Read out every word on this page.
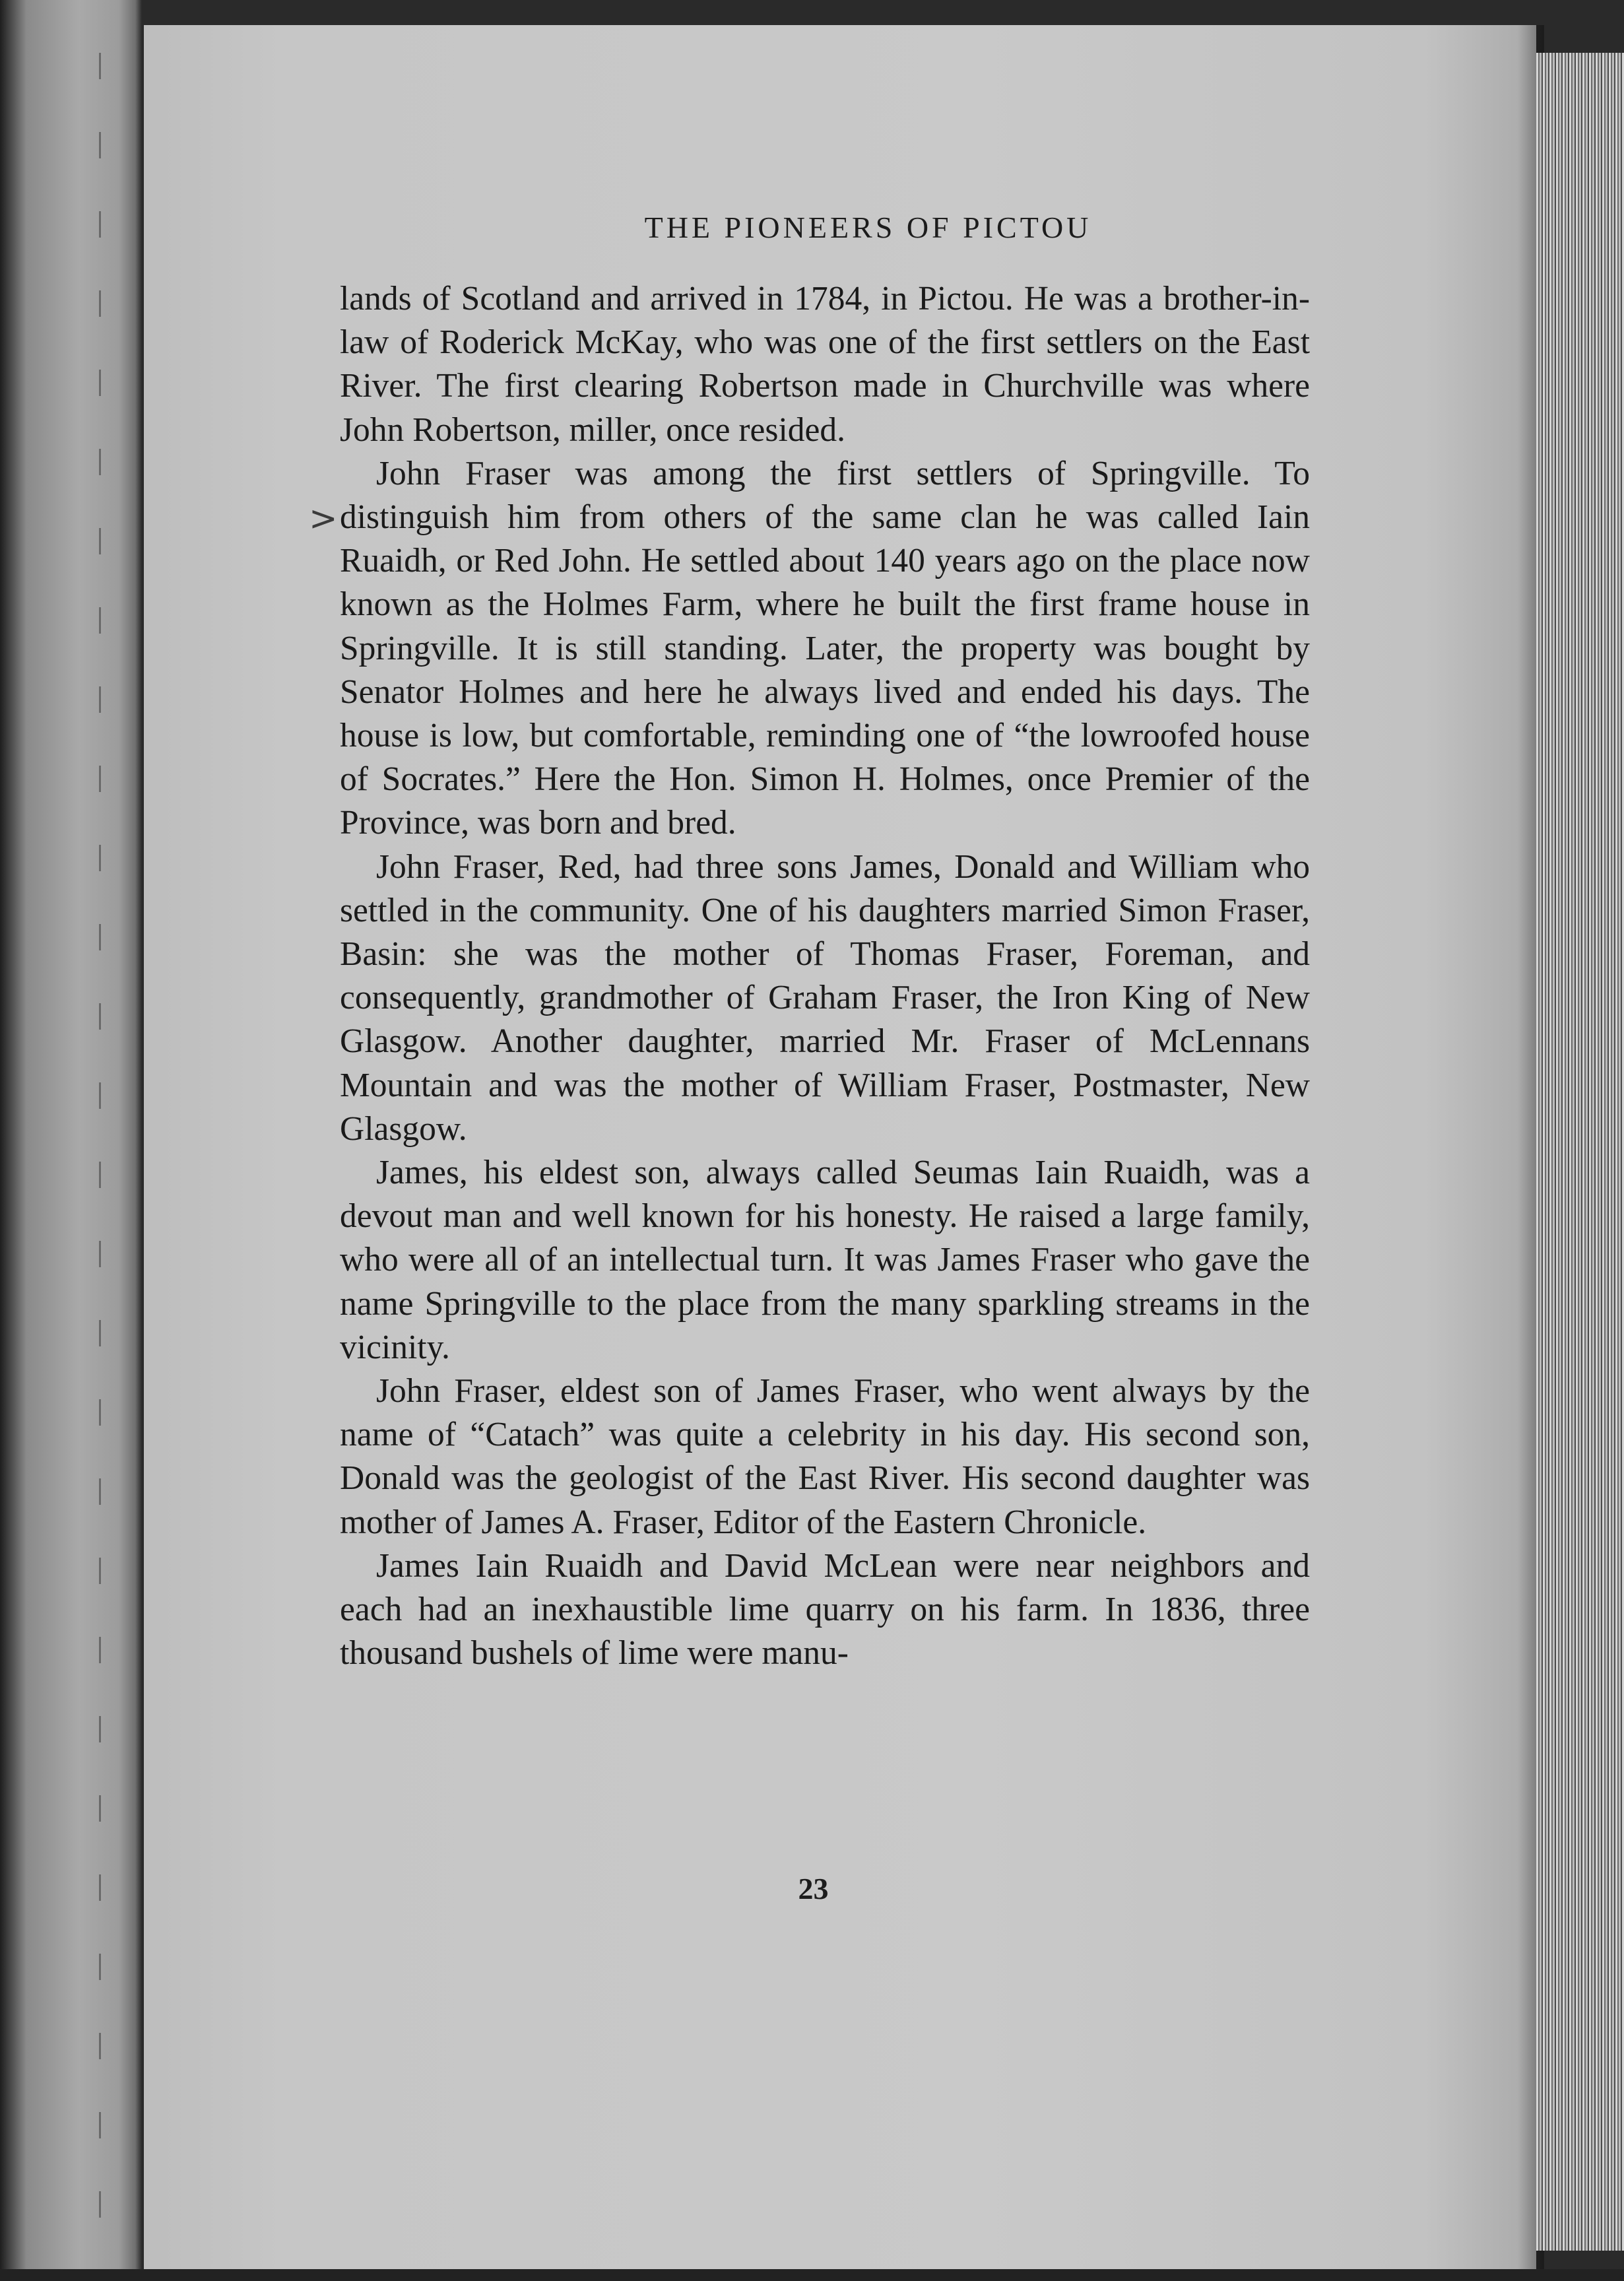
THE PIONEERS OF PICTOU
>

lands of Scotland and arrived in 1784, in Pictou. He was a brother-in-law of Roderick McKay, who was one of the first settlers on the East River. The first clearing Robertson made in Churchville was where John Robertson, miller, once resided.

John Fraser was among the first settlers of Springville. To distinguish him from others of the same clan he was called Iain Ruaidh, or Red John. He settled about 140 years ago on the place now known as the Holmes Farm, where he built the first frame house in Springville. It is still standing. Later, the property was bought by Senator Holmes and here he always lived and ended his days. The house is low, but comfortable, reminding one of “the lowroofed house of Socrates.” Here the Hon. Simon H. Holmes, once Premier of the Province, was born and bred.

John Fraser, Red, had three sons James, Donald and William who settled in the community. One of his daughters married Simon Fraser, Basin: she was the mother of Thomas Fraser, Foreman, and consequently, grandmother of Graham Fraser, the Iron King of New Glasgow. Another daughter, married Mr. Fraser of McLennans Mountain and was the mother of William Fraser, Postmaster, New Glasgow.

James, his eldest son, always called Seumas Iain Ruaidh, was a devout man and well known for his honesty. He raised a large family, who were all of an intellectual turn. It was James Fraser who gave the name Springville to the place from the many sparkling streams in the vicinity.

John Fraser, eldest son of James Fraser, who went always by the name of “Catach” was quite a celebrity in his day. His second son, Donald was the geologist of the East River. His second daughter was mother of James A. Fraser, Editor of the Eastern Chronicle.

James Iain Ruaidh and David McLean were near neighbors and each had an inexhaustible lime quarry on his farm. In 1836, three thousand bushels of lime were manu-

23
